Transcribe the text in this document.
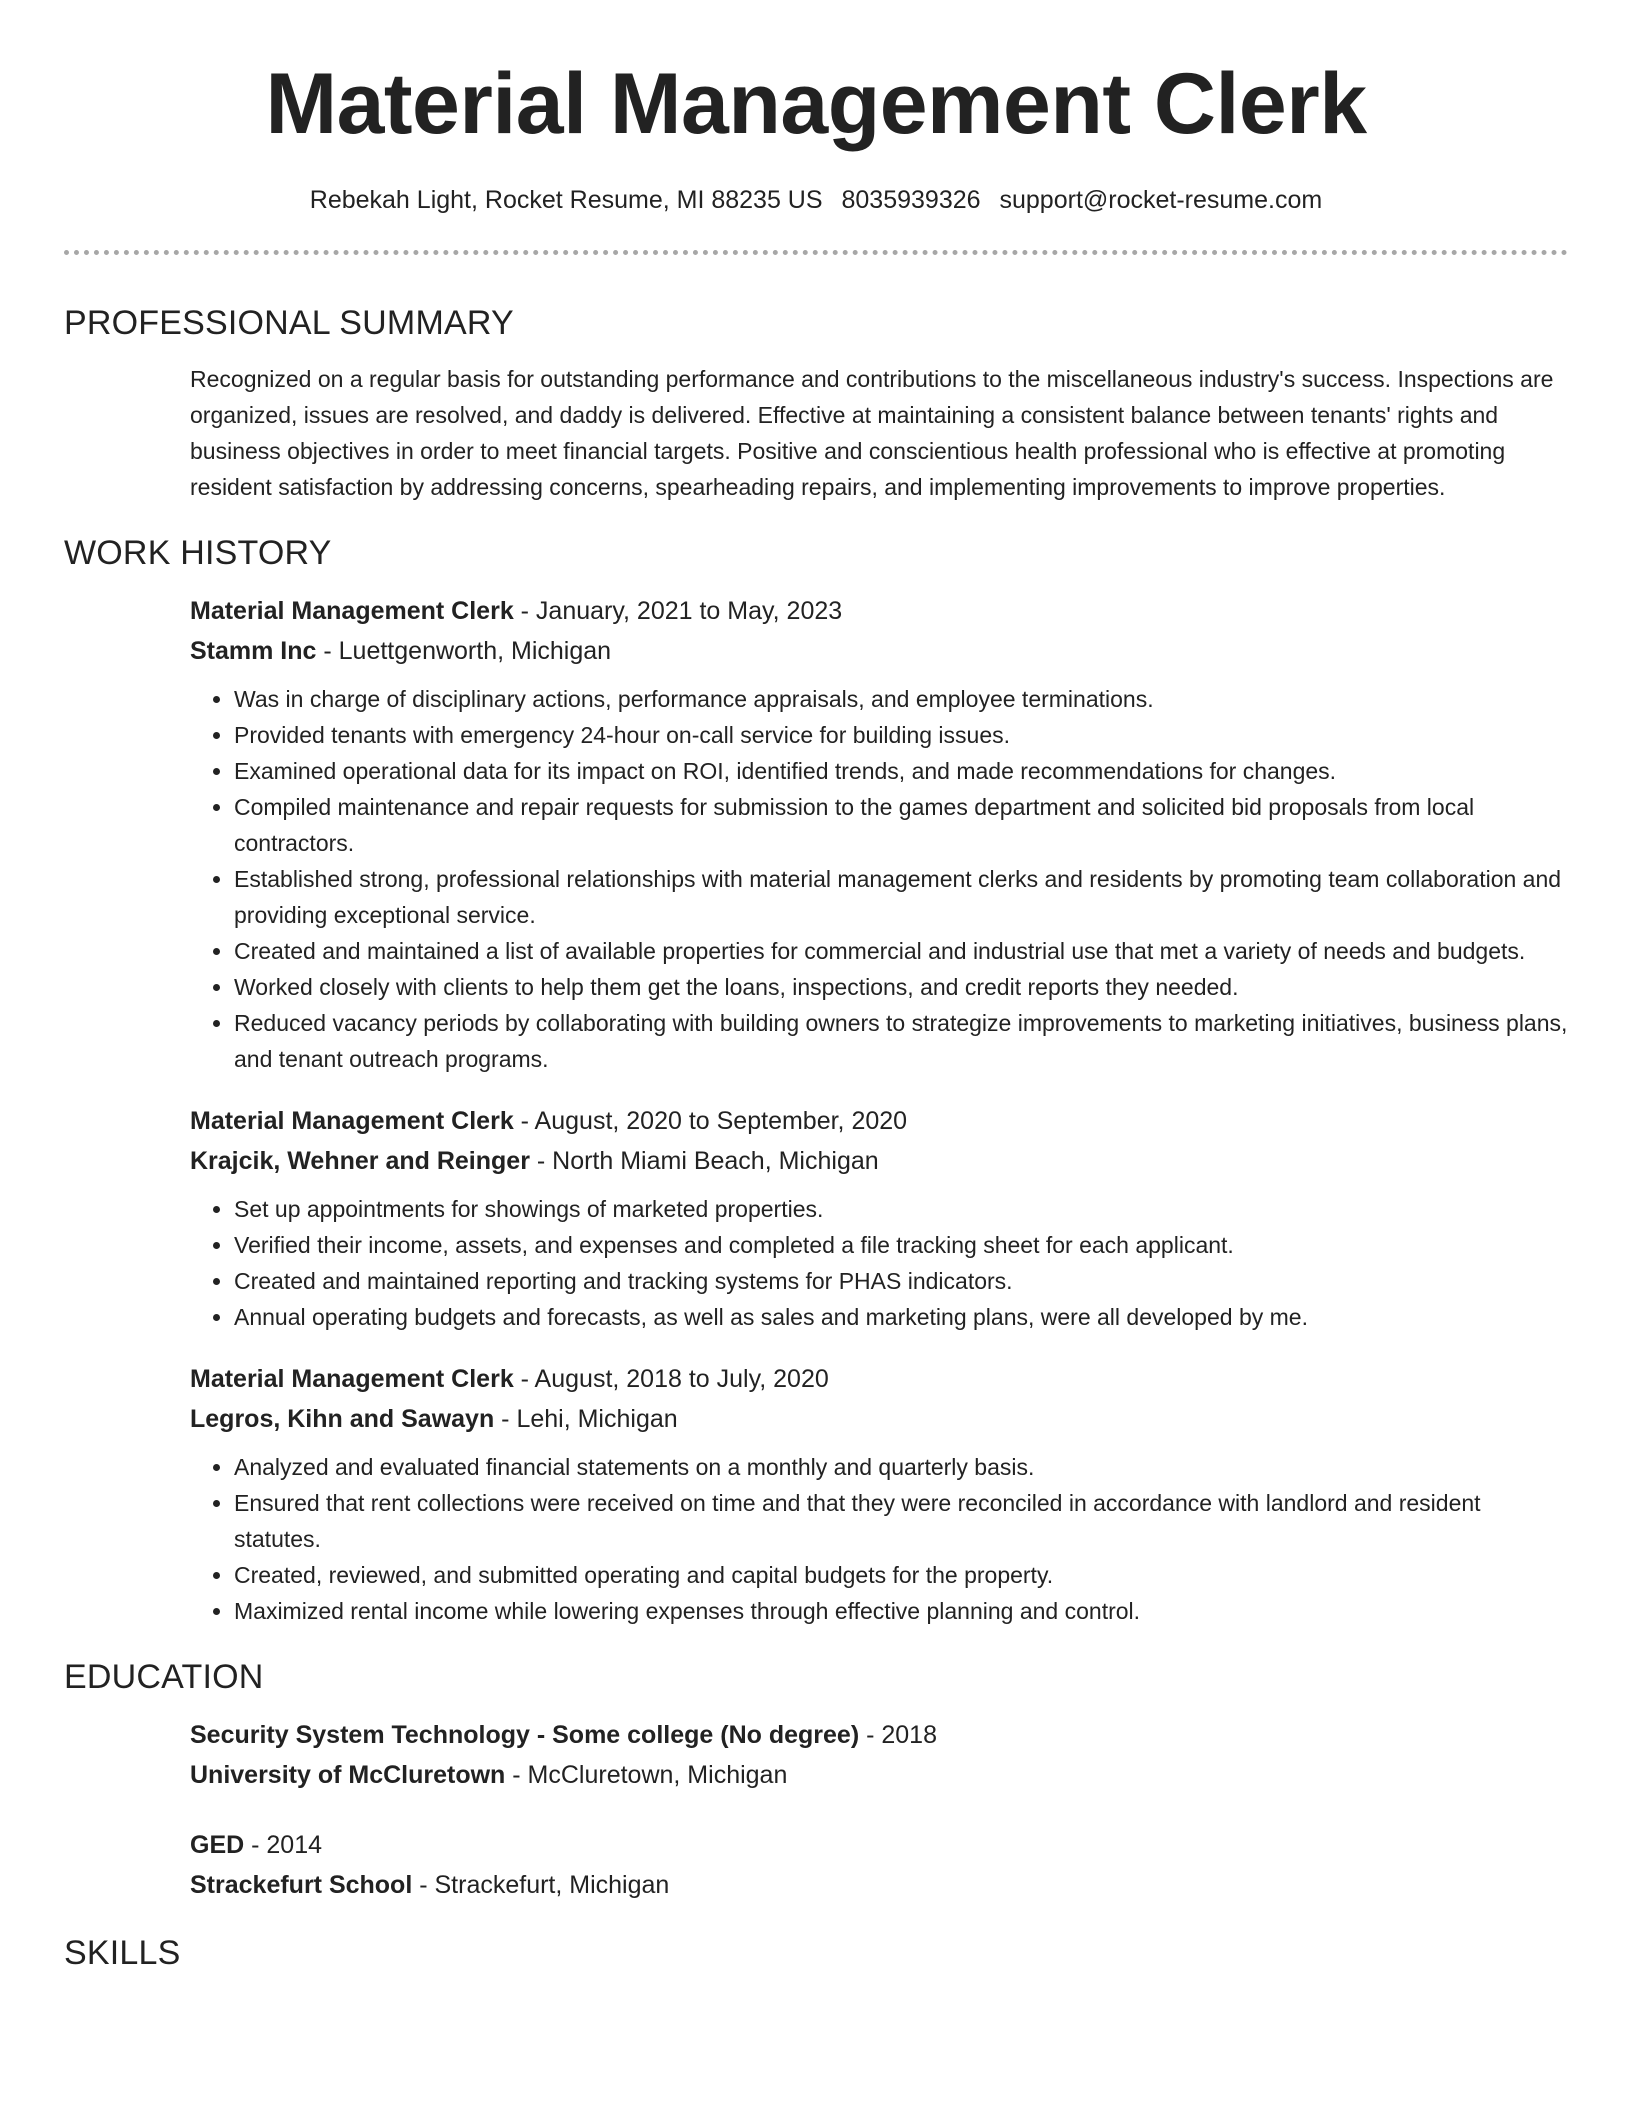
Material Management Clerk
Rebekah Light, Rocket Resume, MI 88235 US 8035939326 support@rocket-resume.com
PROFESSIONAL SUMMARY
Recognized on a regular basis for outstanding performance and contributions to the miscellaneous industry's success. Inspections are organized, issues are resolved, and daddy is delivered. Effective at maintaining a consistent balance between tenants' rights and business objectives in order to meet financial targets. Positive and conscientious health professional who is effective at promoting resident satisfaction by addressing concerns, spearheading repairs, and implementing improvements to improve properties.
WORK HISTORY
Material Management Clerk - January, 2021 to May, 2023
Stamm Inc - Luettgenworth, Michigan
• Was in charge of disciplinary actions, performance appraisals, and employee terminations.
• Provided tenants with emergency 24-hour on-call service for building issues.
• Examined operational data for its impact on ROI, identified trends, and made recommendations for changes.
• Compiled maintenance and repair requests for submission to the games department and solicited bid proposals from local contractors.
• Established strong, professional relationships with material management clerks and residents by promoting team collaboration and providing exceptional service.
• Created and maintained a list of available properties for commercial and industrial use that met a variety of needs and budgets.
• Worked closely with clients to help them get the loans, inspections, and credit reports they needed.
• Reduced vacancy periods by collaborating with building owners to strategize improvements to marketing initiatives, business plans, and tenant outreach programs.
Material Management Clerk - August, 2020 to September, 2020
Krajcik, Wehner and Reinger - North Miami Beach, Michigan
• Set up appointments for showings of marketed properties.
• Verified their income, assets, and expenses and completed a file tracking sheet for each applicant.
• Created and maintained reporting and tracking systems for PHAS indicators.
• Annual operating budgets and forecasts, as well as sales and marketing plans, were all developed by me.
Material Management Clerk - August, 2018 to July, 2020
Legros, Kihn and Sawayn - Lehi, Michigan
• Analyzed and evaluated financial statements on a monthly and quarterly basis.
• Ensured that rent collections were received on time and that they were reconciled in accordance with landlord and resident statutes.
• Created, reviewed, and submitted operating and capital budgets for the property.
• Maximized rental income while lowering expenses through effective planning and control.
EDUCATION
Security System Technology - Some college (No degree) - 2018
University of McCluretown - McCluretown, Michigan
GED - 2014
Strackefurt School - Strackefurt, Michigan
SKILLS
